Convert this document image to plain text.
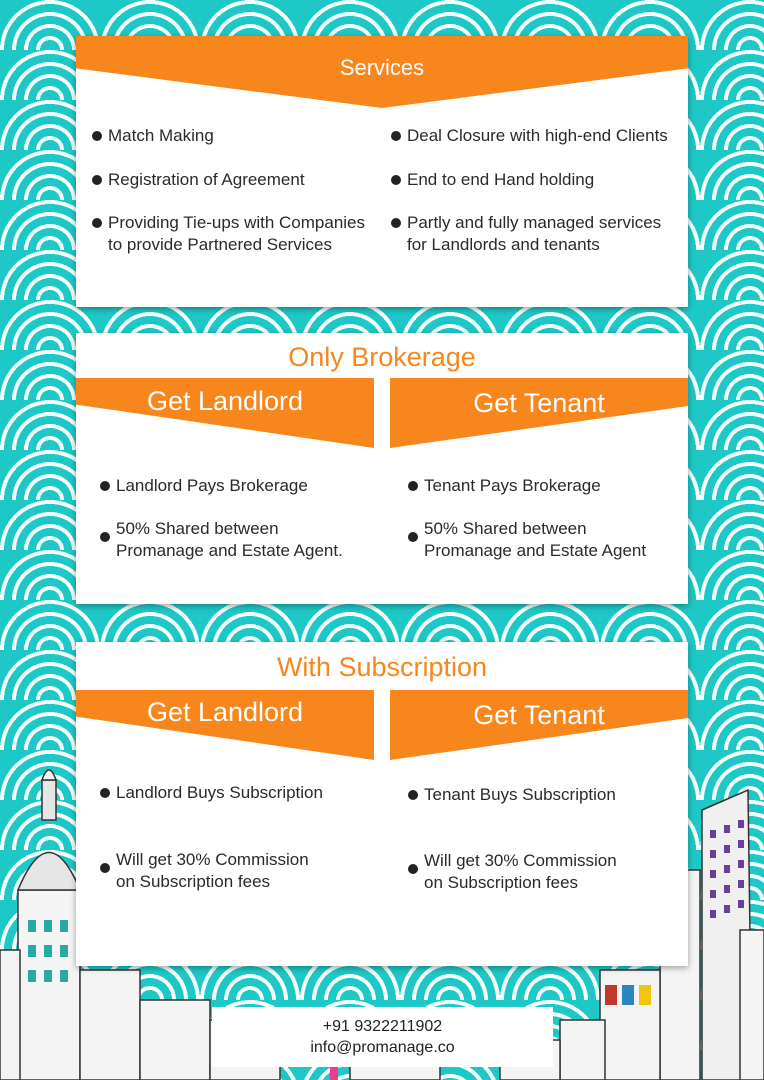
Services
Match Making
Registration of Agreement
Providing Tie-ups with Companies
to provide Partnered Services
Deal Closure with high-end Clients
End to end Hand holding
Partly and fully managed services
for Landlords and tenants
Only Brokerage
Get Landlord	Get Tenant
Landlord Pays Brokerage
50% Shared between
Promanage and Estate Agent.
Tenant Pays Brokerage
50% Shared between
Promanage and Estate Agent
With Subscription
Get Landlord	Get Tenant
Landlord Buys Subscription
Will get 30% Commission
on Subscription fees
Tenant Buys Subscription
Will get 30% Commission
on Subscription fees
+91 9322211902
info@promanage.co
